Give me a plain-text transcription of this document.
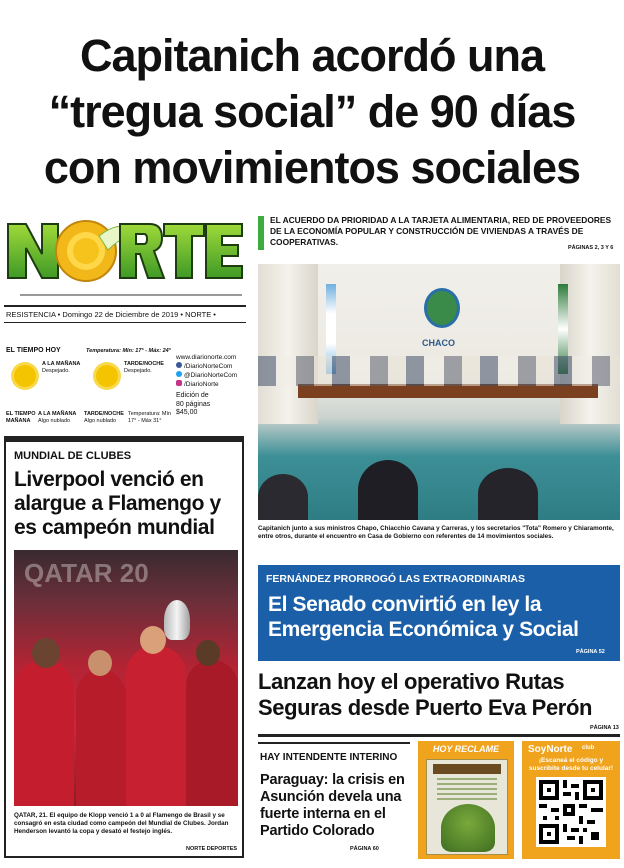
Capitanich acordó una
“tregua social” de 90 días
con movimientos sociales
RESISTENCIA • Domingo 22 de Diciembre de 2019 • NORTE •
EL TIEMPO HOY	Temperatura: Mín: 17° - Máx: 24°
A LA MAÑANA
Despejado.
TARDE/NOCHE
Despejado.
EL TIEMPO MAÑANA
A LA MAÑANA
Algo nublado
TARDE/NOCHE
Algo nublado
Temperatura: Mín 17° - Máx 31°
www.diarionorte.com
/DiarioNorteCom
@DiarioNorteCom
/DiarioNorte
Edición de
80 páginas
$45,00
MUNDIAL DE CLUBES
Liverpool venció en alargue a Flamengo y es campeón mundial
QATAR 20
QATAR, 21. El equipo de Klopp venció 1 a 0 al Flamengo de Brasil y se consagró en esta ciudad como campeón del Mundial de Clubes. Jordan Henderson levantó la copa y desató el festejo inglés.
NORTE DEPORTES
EL ACUERDO DA PRIORIDAD A LA TARJETA ALIMENTARIA, RED DE PROVEEDORES DE LA ECONOMÍA POPULAR Y CONSTRUCCIÓN DE VIVIENDAS A TRAVÉS DE COOPERATIVAS.
PÁGINAS 2, 3 Y 6
CHACO
Capitanich junto a sus ministros Chapo, Chiacchio Cavana y Carreras, y los secretarios "Tota" Romero y Chiaramonte, entre otros, durante el encuentro en Casa de Gobierno con referentes de 14 movimientos sociales.
FERNÁNDEZ PRORROGÓ LAS EXTRAORDINARIAS
El Senado convirtió en ley la Emergencia Económica y Social
PÁGINA 52
Lanzan hoy el operativo Rutas Seguras desde Puerto Eva Perón
PÁGINA 13
HAY INTENDENTE INTERINO
Paraguay: la crisis en Asunción devela una fuerte interna en el Partido Colorado
PÁGINA 60
HOY RECLAME	SoyNorte club
¡Escaneá el código y suscribite desde tu celular!
